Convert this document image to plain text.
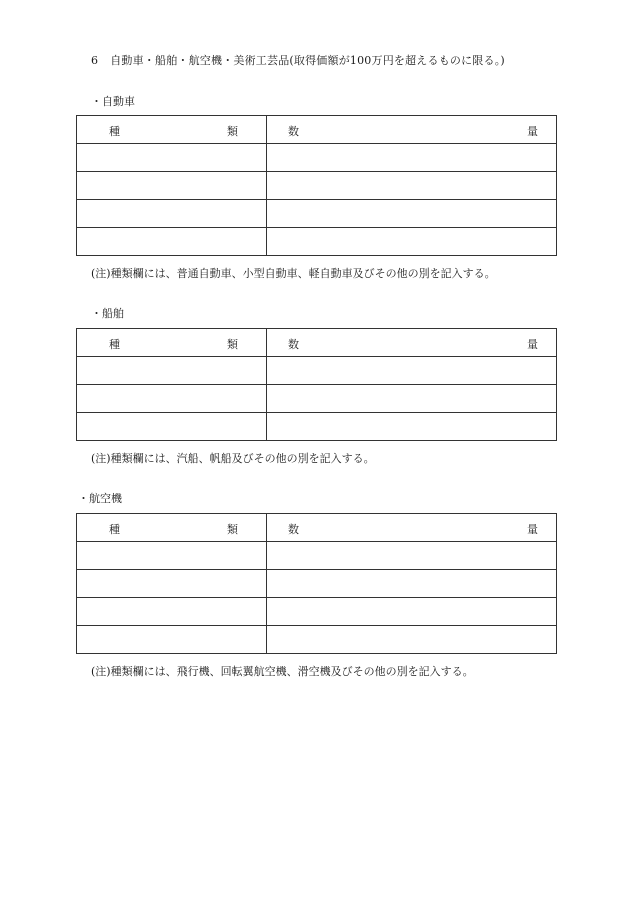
6 自動車・船舶・航空機・美術工芸品(取得価額が100万円を超えるものに限る。)
・自動車
種 類	数 量

(注)種類欄には、普通自動車、小型自動車、軽自動車及びその他の別を記入する。
・船舶
種 類	数 量

(注)種類欄には、汽船、帆船及びその他の別を記入する。
・航空機
種 類	数 量

(注)種類欄には、飛行機、回転翼航空機、滑空機及びその他の別を記入する。
